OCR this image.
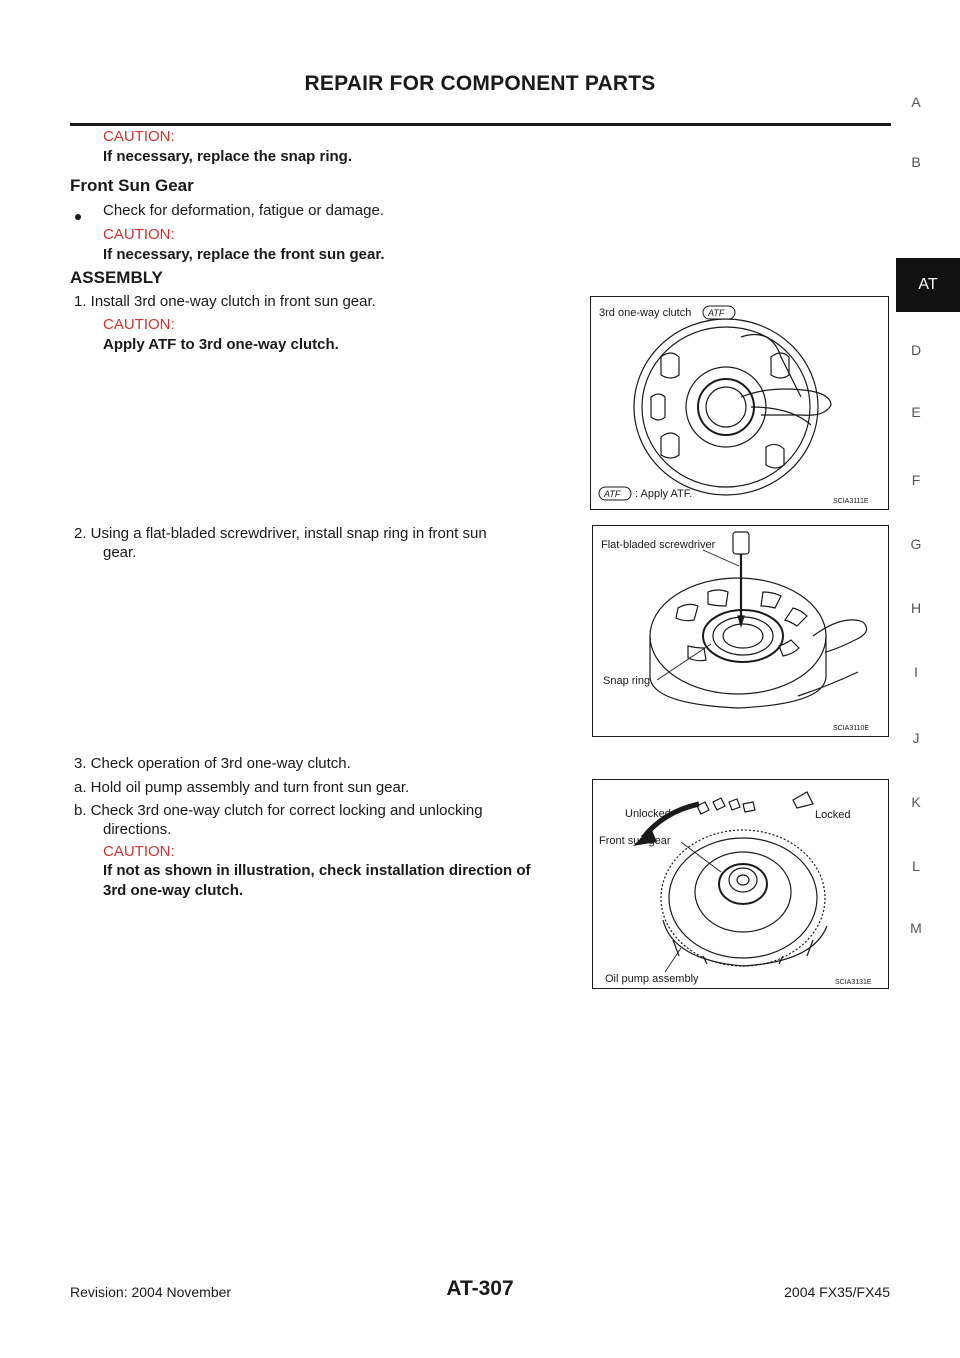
REPAIR FOR COMPONENT PARTS
CAUTION:
If necessary, replace the snap ring.
Front Sun Gear
Check for deformation, fatigue or damage.
CAUTION:
If necessary, replace the front sun gear.
ASSEMBLY
1. Install 3rd one-way clutch in front sun gear.
CAUTION:
Apply ATF to 3rd one-way clutch.
2. Using a flat-bladed screwdriver, install snap ring in front sun
gear.
3. Check operation of 3rd one-way clutch.
a. Hold oil pump assembly and turn front sun gear.
b. Check 3rd one-way clutch for correct locking and unlocking
directions.
CAUTION:
If not as shown in illustration, check installation direction of
3rd one-way clutch.
3rd one-way clutch ATF
ATF : Apply ATF.
SCIA3111E
Flat-bladed screwdriver
Snap ring
SCIA3110E
Unlocked	Locked
Front sun gear
Oil pump assembly	SCIA3131E
A
B
AT
D
E
F
G
H
I
J
K
L
M
Revision: 2004 November	AT-307	2004 FX35/FX45
